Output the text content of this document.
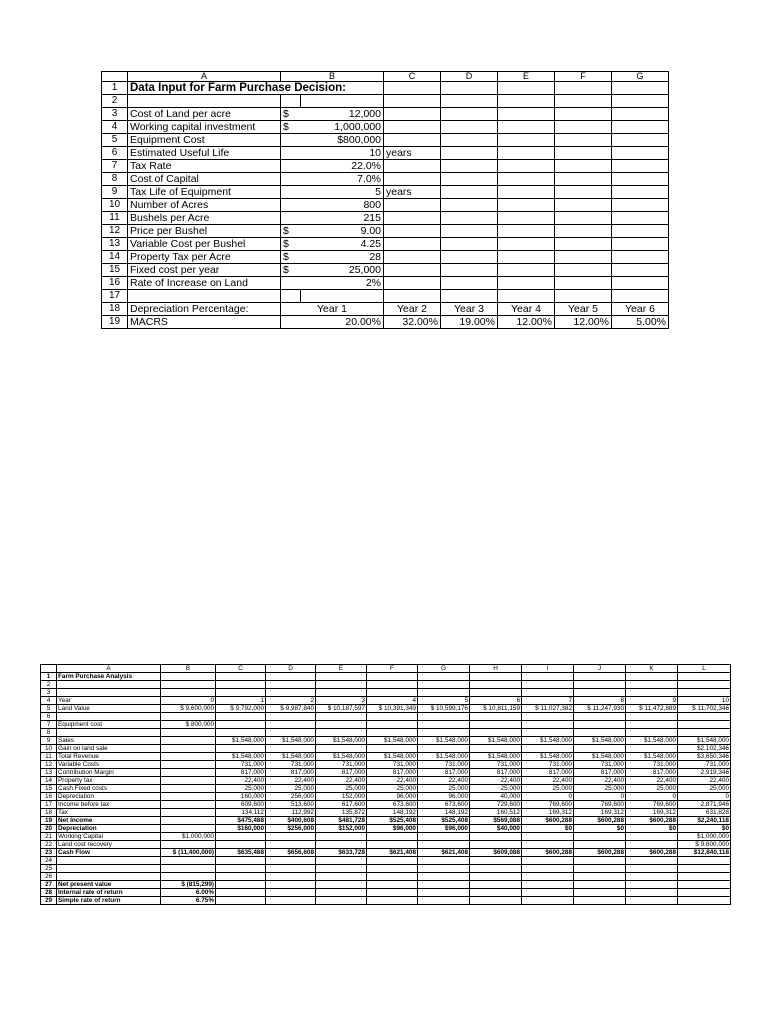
	A	B		C	D	E	F	G
1	Data Input for Farm Purchase Decision:							
2								
3	Cost of Land per acre	$	12,000					
4	Working capital investment	$	1,000,000					
5	Equipment Cost		$800,000					
6	Estimated Useful Life		10	years				
7	Tax Rate		22.0%					
8	Cost of Capital		7.0%					
9	Tax Life of Equipment		5	years				
10	Number of Acres		800					
11	Bushels per Acre		215					
12	Price per Bushel	$	9.00					
13	Variable Cost per Bushel	$	4.25					
14	Property Tax per Acre	$	28					
15	Fixed cost per year	$	25,000					
16	Rate of Increase on Land		2%					
17								
18	Depreciation Percentage:	Year 1		Year 2	Year 3	Year 4	Year 5	Year 6
19	MACRS	20.00%		32.00%	19.00%	12.00%	12.00%	5.00%
	A	B	C	D	E	F	G	H	I	J	K	L
1	Farm Purchase Analysis											
2												
3												
4	Year	0	1	2	3	4	5	6	7	8	9	10
5	Land Value	$ 9,600,000	$ 9,792,000	$ 9,987,840	$ 10,187,597	$ 10,391,349	$ 10,599,176	$ 10,811,159	$ 11,027,382	$ 11,247,930	$ 11,472,889	$ 11,702,346
6												
7	Equipment cost	$ 800,000										
8												
9	Sales		$1,548,000	$1,548,000	$1,548,000	$1,548,000	$1,548,000	$1,548,000	$1,548,000	$1,548,000	$1,548,000	$1,548,000
10	Gain on land sale											$2,102,346
11	Total Revenue		$1,548,000	$1,548,000	$1,548,000	$1,548,000	$1,548,000	$1,548,000	$1,548,000	$1,548,000	$1,548,000	$3,650,346
12	Variable Costs		731,000	731,000	731,000	731,000	731,000	731,000	731,000	731,000	731,000	731,000
13	Contribution Margin		817,000	817,000	817,000	817,000	817,000	817,000	817,000	817,000	817,000	2,919,346
14	Property tax		22,400	22,400	22,400	22,400	22,400	22,400	22,400	22,400	22,400	22,400
15	Cash Fixed costs		25,000	25,000	25,000	25,000	25,000	25,000	25,000	25,000	25,000	25,000
16	Depreciation		160,000	256,000	152,000	96,000	96,000	40,000	0	0	0	0
17	Income before tax		609,600	513,600	617,600	673,600	673,600	729,600	769,600	769,600	769,600	2,871,946
18	Tax		134,112	112,992	135,872	148,192	148,192	160,512	169,312	169,312	169,312	631,828
19	Net Income		$475,488	$400,608	$481,728	$525,408	$525,408	$569,088	$600,288	$600,288	$600,288	$2,240,118
20	Depreciation		$160,000	$256,000	$152,000	$96,000	$96,000	$40,000	$0	$0	$0	$0
21	Working Capital	$1,000,000										$1,000,000
22	Land cost recovery											$ 9,600,000
23	Cash Flow	$ (11,400,000)	$635,488	$656,608	$633,728	$621,408	$621,408	$609,088	$600,288	$600,288	$600,288	$12,840,118
24												
25												
26												
27	Net present value	$ (815,299)										
28	Internal rate of return	6.00%										
29	Simple rate of return	6.75%										
